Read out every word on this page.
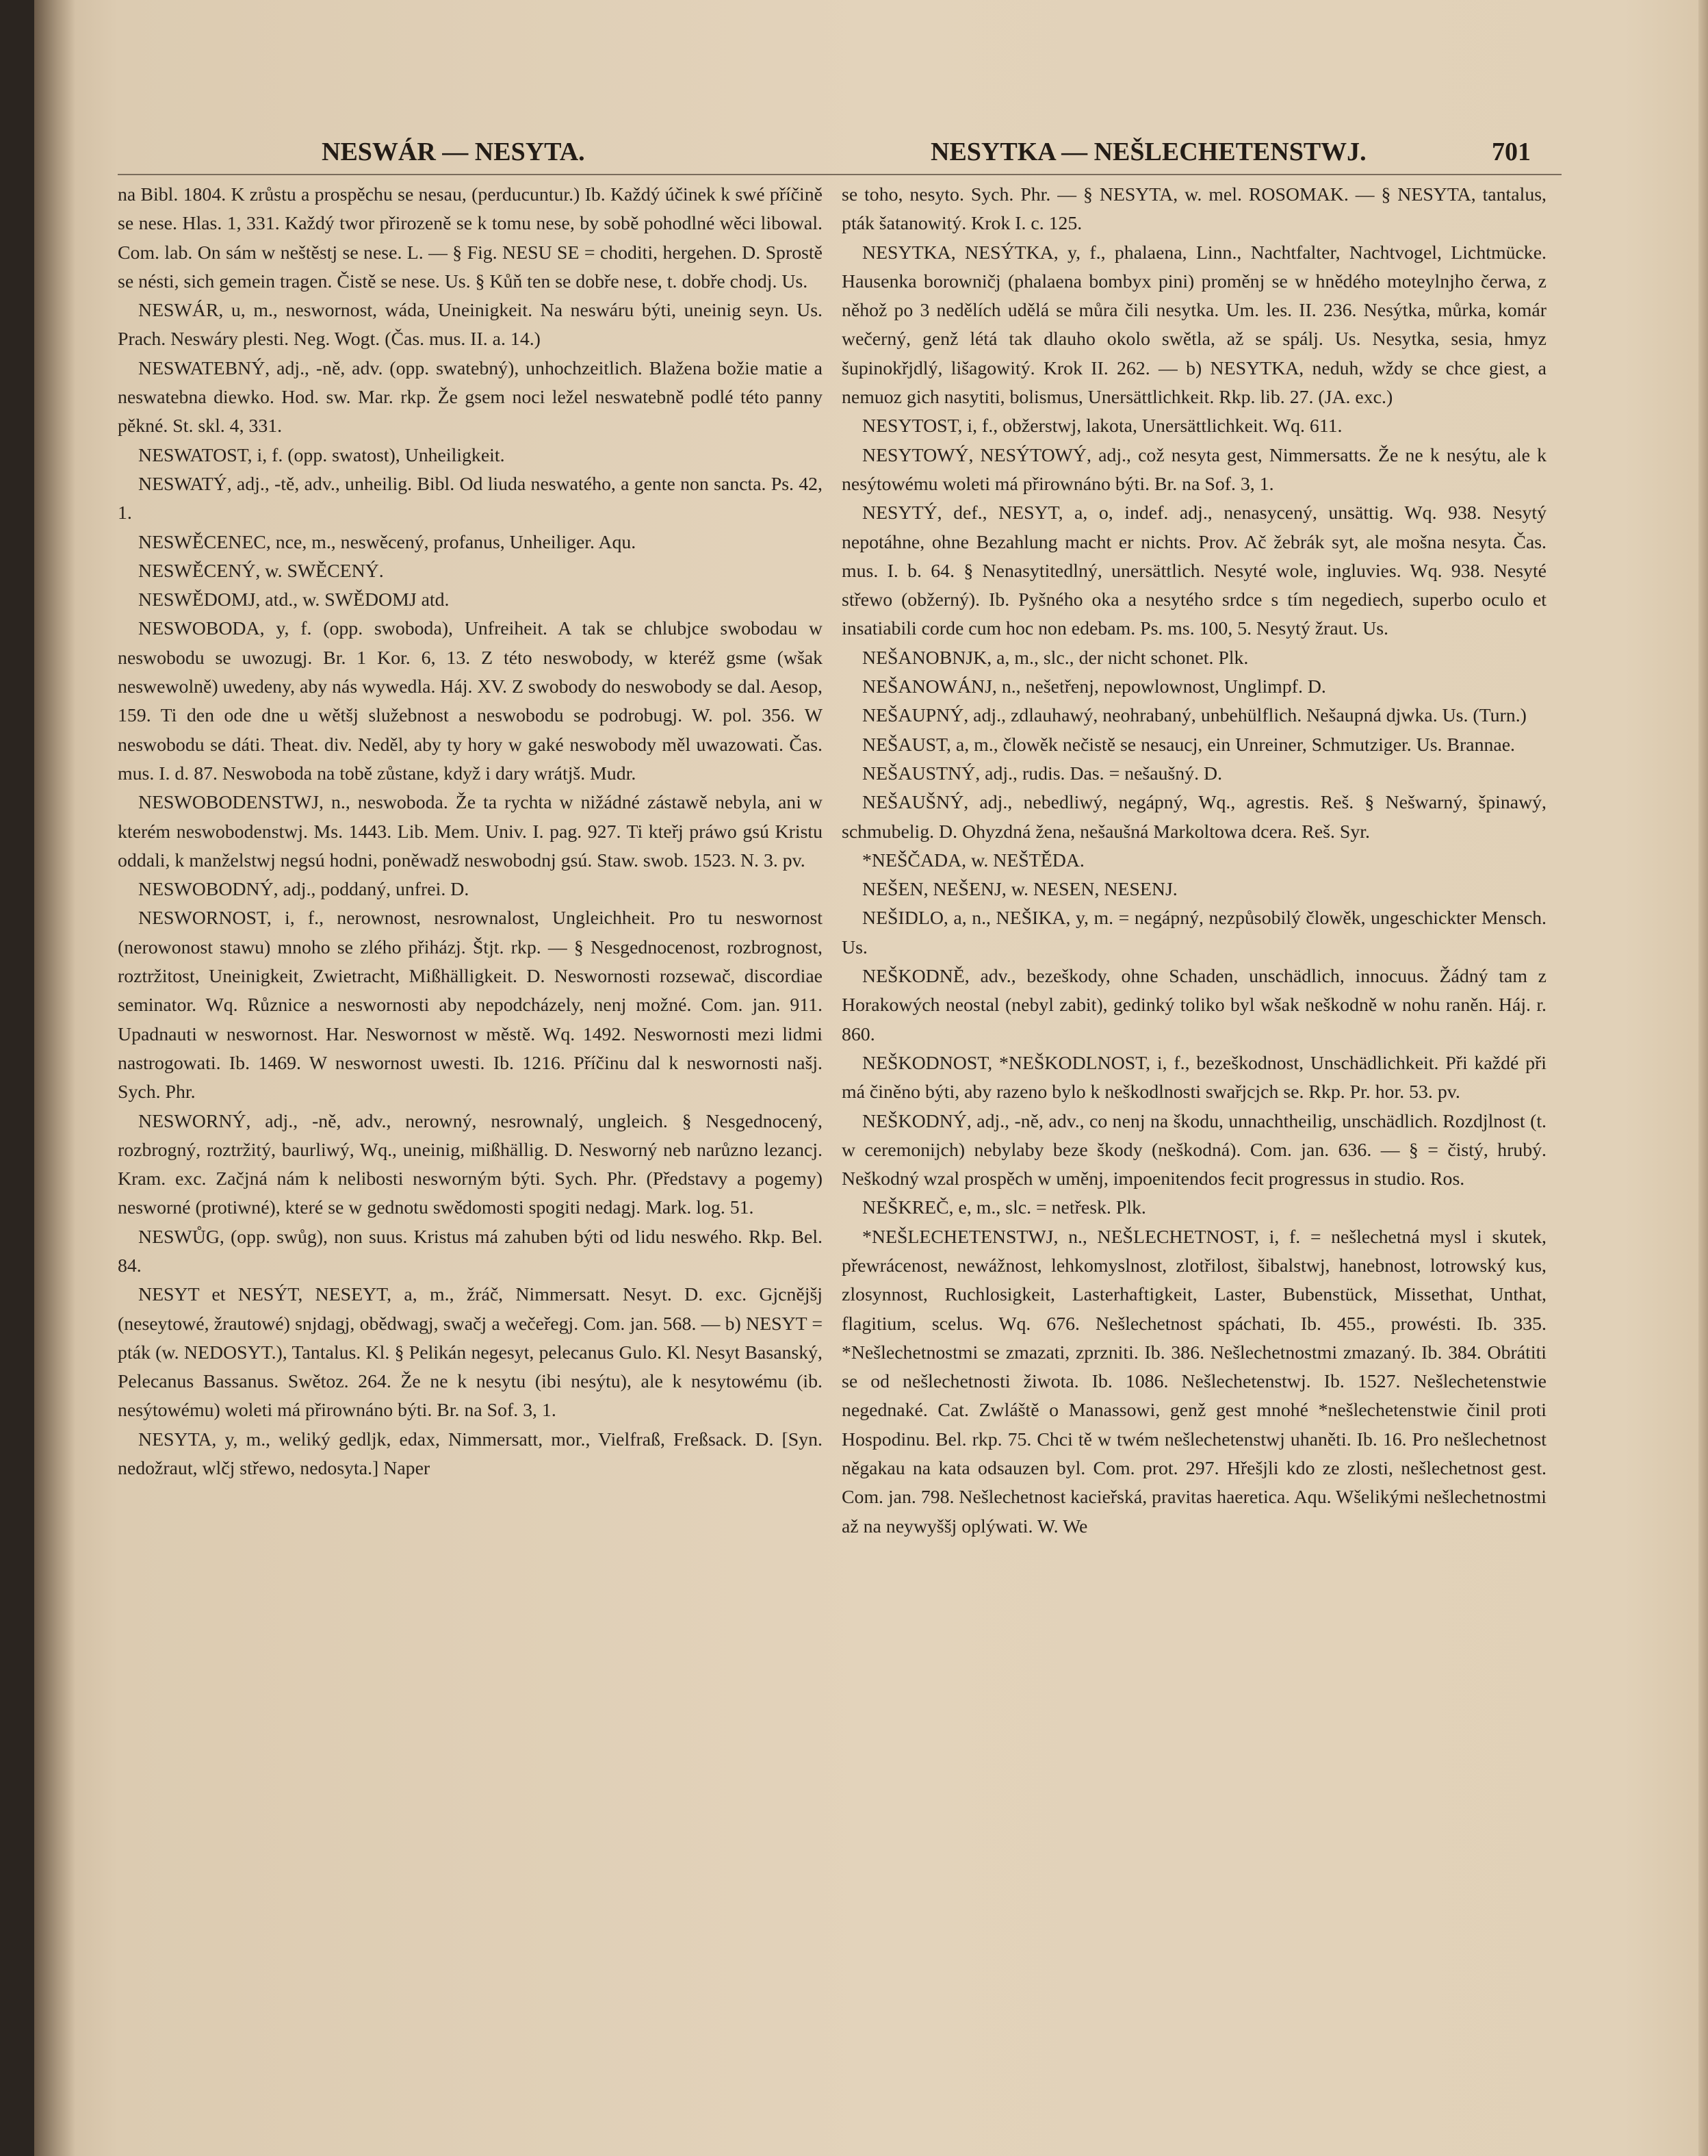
NESWÁR — NESYTA.	NESYTKA — NEŠLECHETENSTWJ.	701

na Bibl. 1804. K zrůstu a prospěchu se nesau, (perducuntur.) Ib. Každý účinek k swé příčině se nese. Hlas. 1, 331. Každý twor přirozeně se k tomu nese, by sobě pohodlné wěci libowal. Com. lab. On sám w neštěstj se nese. L. — § Fig. NESU SE = choditi, hergehen. D. Sprostě se nésti, sich gemein tragen. Čistě se nese. Us. § Kůň ten se dobře nese, t. dobře chodj. Us.

NESWÁR, u, m., neswornost, wáda, Uneinigkeit. Na neswáru býti, uneinig seyn. Us. Prach. Neswáry plesti. Neg. Wogt. (Čas. mus. II. a. 14.)

NESWATEBNÝ, adj., -ně, adv. (opp. swatebný), unhochzeitlich. Blažena božie matie a neswatebna diewko. Hod. sw. Mar. rkp. Že gsem noci ležel neswatebně podlé této panny pěkné. St. skl. 4, 331.

NESWATOST, i, f. (opp. swatost), Unheiligkeit.

NESWATÝ, adj., -tě, adv., unheilig. Bibl. Od liuda neswatého, a gente non sancta. Ps. 42, 1.

NESWĚCENEC, nce, m., neswěcený, profanus, Unheiliger. Aqu.

NESWĚCENÝ, w. SWĚCENÝ.

NESWĚDOMJ, atd., w. SWĚDOMJ atd.

NESWOBODA, y, f. (opp. swoboda), Unfreiheit. A tak se chlubjce swobodau w neswobodu se uwozugj. Br. 1 Kor. 6, 13. Z této neswobody, w kteréž gsme (wšak neswewolně) uwedeny, aby nás wywedla. Háj. XV. Z swobody do neswobody se dal. Aesop, 159. Ti den ode dne u wětšj služebnost a neswobodu se podrobugj. W. pol. 356. W neswobodu se dáti. Theat. div. Neděl, aby ty hory w gaké neswobody měl uwazowati. Čas. mus. I. d. 87. Neswoboda na tobě zůstane, když i dary wrátjš. Mudr.

NESWOBODENSTWJ, n., neswoboda. Že ta rychta w nižádné zástawě nebyla, ani w kterém neswobodenstwj. Ms. 1443. Lib. Mem. Univ. I. pag. 927. Ti kteřj práwo gsú Kristu oddali, k manželstwj negsú hodni, poněwadž neswobodnj gsú. Staw. swob. 1523. N. 3. pv.

NESWOBODNÝ, adj., poddaný, unfrei. D.

NESWORNOST, i, f., nerownost, nesrownalost, Ungleichheit. Pro tu neswornost (nerowonost stawu) mnoho se zlého přiházj. Štjt. rkp. — § Nesgednocenost, rozbrognost, roztržitost, Uneinigkeit, Zwietracht, Mißhälligkeit. D. Neswornosti rozsewač, discordiae seminator. Wq. Různice a neswornosti aby nepodcházely, nenj možné. Com. jan. 911. Upadnauti w neswornost. Har. Neswornost w městě. Wq. 1492. Neswornosti mezi lidmi nastrogowati. Ib. 1469. W neswornost uwesti. Ib. 1216. Příčinu dal k neswornosti našj. Sych. Phr.

NESWORNÝ, adj., -ně, adv., nerowný, nesrownalý, ungleich. § Nesgednocený, rozbrogný, roztržitý, baurliwý, Wq., uneinig, mißhällig. D. Nesworný neb narůzno lezancj. Kram. exc. Začjná nám k nelibosti nesworným býti. Sych. Phr. (Představy a pogemy) nesworné (protiwné), které se w gednotu swědomosti spogiti nedagj. Mark. log. 51.

NESWŮG, (opp. swůg), non suus. Kristus má zahuben býti od lidu neswého. Rkp. Bel. 84.

NESYT et NESÝT, NESEYT, a, m., žráč, Nimmersatt. Nesyt. D. exc. Gjcnějšj (neseytowé, žrautowé) snjdagj, obědwagj, swačj a wečeřegj. Com. jan. 568. — b) NESYT = pták (w. NEDOSYT.), Tantalus. Kl. § Pelikán negesyt, pelecanus Gulo. Kl. Nesyt Basanský, Pelecanus Bassanus. Swětoz. 264. Že ne k nesytu (ibi nesýtu), ale k nesytowému (ib. nesýtowému) woleti má přirownáno býti. Br. na Sof. 3, 1.

NESYTA, y, m., weliký gedljk, edax, Nimmersatt, mor., Vielfraß, Freßsack. D. [Syn. nedožraut, wlčj střewo, nedosyta.] Naper

se toho, nesyto. Sych. Phr. — § NESYTA, w. mel. ROSOMAK. — § NESYTA, tantalus, pták šatanowitý. Krok I. c. 125.

NESYTKA, NESÝTKA, y, f., phalaena, Linn., Nachtfalter, Nachtvogel, Lichtmücke. Hausenka borowničj (phalaena bombyx pini) proměnj se w hnědého moteylnjho čerwa, z něhož po 3 nedělích udělá se můra čili nesytka. Um. les. II. 236. Nesýtka, můrka, komár wečerný, genž létá tak dlauho okolo swětla, až se spálj. Us. Nesytka, sesia, hmyz šupinokřjdlý, lišagowitý. Krok II. 262. — b) NESYTKA, neduh, wždy se chce giest, a nemuoz gich nasytiti, bolismus, Unersättlichkeit. Rkp. lib. 27. (JA. exc.)

NESYTOST, i, f., obžerstwj, lakota, Unersättlichkeit. Wq. 611.

NESYTOWÝ, NESÝTOWÝ, adj., což nesyta gest, Nimmersatts. Že ne k nesýtu, ale k nesýtowému woleti má přirownáno býti. Br. na Sof. 3, 1.

NESYTÝ, def., NESYT, a, o, indef. adj., nenasycený, unsättig. Wq. 938. Nesytý nepotáhne, ohne Bezahlung macht er nichts. Prov. Ač žebrák syt, ale mošna nesyta. Čas. mus. I. b. 64. § Nenasytitedlný, unersättlich. Nesyté wole, ingluvies. Wq. 938. Nesyté střewo (obžerný). Ib. Pyšného oka a nesytého srdce s tím negediech, superbo oculo et insatiabili corde cum hoc non edebam. Ps. ms. 100, 5. Nesytý žraut. Us.

NEŠANOBNJK, a, m., slc., der nicht schonet. Plk.

NEŠANOWÁNJ, n., nešetřenj, nepowlownost, Unglimpf. D.

NEŠAUPNÝ, adj., zdlauhawý, neohrabaný, unbehülflich. Nešaupná djwka. Us. (Turn.)

NEŠAUST, a, m., člowěk nečistě se nesaucj, ein Unreiner, Schmutziger. Us. Brannae.

NEŠAUSTNÝ, adj., rudis. Das. = nešaušný. D.

NEŠAUŠNÝ, adj., nebedliwý, negápný, Wq., agrestis. Reš. § Nešwarný, špinawý, schmubelig. D. Ohyzdná žena, nešaušná Markoltowa dcera. Reš. Syr.

*NEŠČADA, w. NEŠTĚDA.

NEŠEN, NEŠENJ, w. NESEN, NESENJ.

NEŠIDLO, a, n., NEŠIKA, y, m. = negápný, nezpůsobilý člowěk, ungeschickter Mensch. Us.

NEŠKODNĚ, adv., bezeškody, ohne Schaden, unschädlich, innocuus. Žádný tam z Horakowých neostal (nebyl zabit), gedinký toliko byl wšak neškodně w nohu raněn. Háj. r. 860.

NEŠKODNOST, *NEŠKODLNOST, i, f., bezeškodnost, Unschädlichkeit. Při každé při má činěno býti, aby razeno bylo k neškodlnosti swařjcjch se. Rkp. Pr. hor. 53. pv.

NEŠKODNÝ, adj., -ně, adv., co nenj na škodu, unnachtheilig, unschädlich. Rozdjlnost (t. w ceremonijch) nebylaby beze škody (neškodná). Com. jan. 636. — § = čistý, hrubý. Neškodný wzal prospěch w uměnj, impoenitendos fecit progressus in studio. Ros.

NEŠKREČ, e, m., slc. = netřesk. Plk.

*NEŠLECHETENSTWJ, n., NEŠLECHETNOST, i, f. = nešlechetná mysl i skutek, přewrácenost, newážnost, lehkomyslnost, zlotřilost, šibalstwj, hanebnost, lotrowský kus, zlosynnost, Ruchlosigkeit, Lasterhaftigkeit, Laster, Bubenstück, Missethat, Unthat, flagitium, scelus. Wq. 676. Nešlechetnost spáchati, Ib. 455., prowésti. Ib. 335. *Nešlechetnostmi se zmazati, zprzniti. Ib. 386. Nešlechetnostmi zmazaný. Ib. 384. Obrátiti se od nešlechetnosti žiwota. Ib. 1086. Nešlechetenstwj. Ib. 1527. Nešlechetenstwie negednaké. Cat. Zwláště o Manassowi, genž gest mnohé *nešlechetenstwie činil proti Hospodinu. Bel. rkp. 75. Chci tě w twém nešlechetenstwj uhaněti. Ib. 16. Pro nešlechetnost něgakau na kata odsauzen byl. Com. prot. 297. Hřešjli kdo ze zlosti, nešlechetnost gest. Com. jan. 798. Nešlechetnost kacieřská, pravitas haeretica. Aqu. Wšelikými nešlechetnostmi až na neywyššj oplýwati. W. We
